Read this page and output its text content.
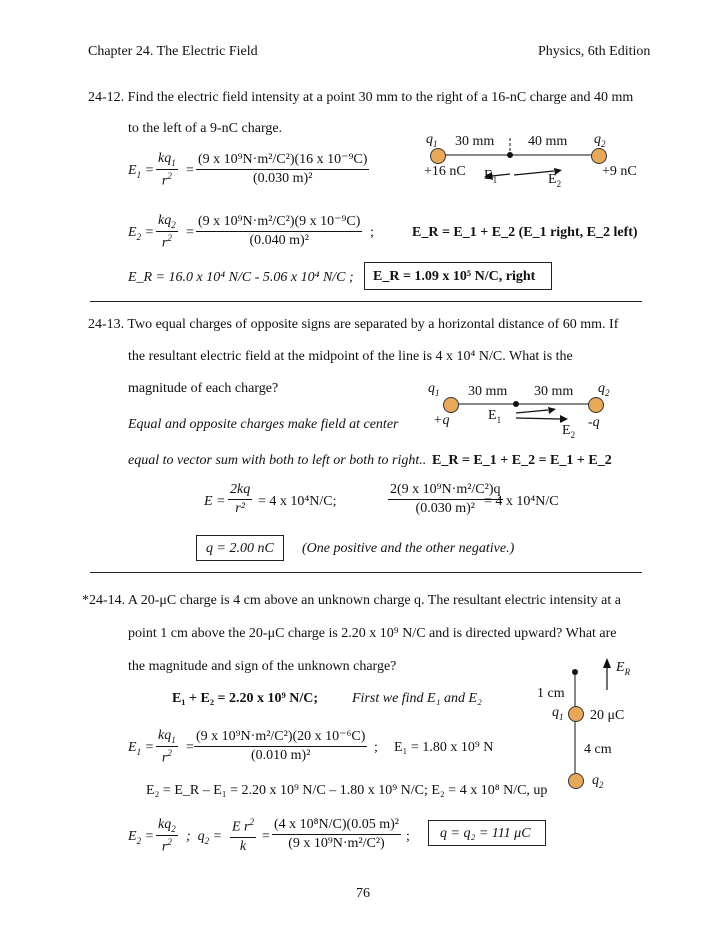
Chapter 24. The Electric Field	Physics, 6th Edition
24-12. Find the electric field intensity at a point 30 mm to the right of a 16-nC charge and 40 mm
to the left of a 9-nC charge.
$E_1$ =
$kq_1$
$r^2$ =
(9 x 10⁹N·m²/C²)(16 x 10⁻⁹C)
(0.030 m)²
$q_1$ 30 mm 40 mm $q_2$
+16 nC $E_1$	$E_2$
+9 nC
$E_2$ =
$kq_2$
$r^2$ =
(9 x 10⁹N·m²/C²)(9 x 10⁻⁹C)
(0.040 m)²
;	E_R = E_1 + E_2 (E_1 right, E_2 left)
E_R = 16.0 x 10⁴ N/C - 5.06 x 10⁴ N/C ; E_R = 1.09 x 10⁵ N/C, right
24-13. Two equal charges of opposite signs are separated by a horizontal distance of 60 mm. If
the resultant electric field at the midpoint of the line is 4 x 10⁴ N/C. What is the
magnitude of each charge?	$q_1$ 30 mm 30 mm $q_2$
+q	$E_1$
$E_2$
-q
Equal and opposite charges make field at center
equal to vector sum with both to left or both to right.. E_R = E_1 + E_2 = E_1 + E_2
E =
2kq
r² = 4 x 10⁴N/C;
2(9 x 10⁹N·m²/C²)q
(0.030 m)² = 4 x 10⁴N/C
q = 2.00 nC (One positive and the other negative.)
*24-14. A 20-μC charge is 4 cm above an unknown charge q. The resultant electric intensity at a
point 1 cm above the 20-μC charge is 2.20 x 10⁹ N/C and is directed upward? What are
the magnitude and sign of the unknown charge?
E₁ + E₂ = 2.20 x 10⁹ N/C; First we find E₁ and E₂
$E_R$
1 cm
$q_1$ 20 μC
4 cm
$q_2$
$E_1$ =
$kq_1$
$r^2$ =
(9 x 10⁹N·m²/C²)(20 x 10⁻⁶C)
(0.010 m)²
; E₁ = 1.80 x 10⁹ N
E₂ = E_R – E₁ = 2.20 x 10⁹ N/C – 1.80 x 10⁹ N/C; E₂ = 4 x 10⁸ N/C, up
$E_2$ =
$kq_2$
$r^2$ ;  $q_2$ =
E $r^2$
k
=
(4 x 10⁸N/C)(0.05 m)²
(9 x 10⁹N·m²/C²) ; q = q₂ = 111 μC
76
